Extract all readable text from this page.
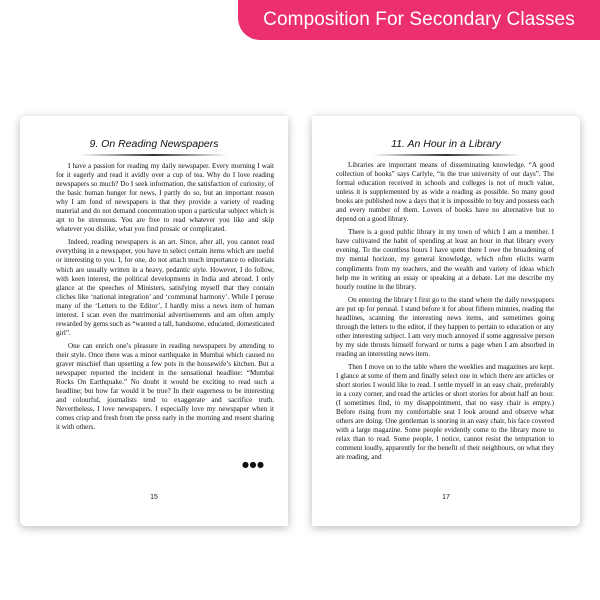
Composition For Secondary Classes
9. On Reading Newspapers

I have a passion for reading my daily newspaper. Every morning I wait for it eagerly and read it avidly over a cup of tea. Why do I love reading newspapers so much? Do I seek information, the satisfaction of curiosity, of the basic human hunger for news, I partly do so, but an important reason why I am fond of newspapers is that they provide a variety of reading material and do not demand concentration upon a particular subject which is apt to be strenuous. You are free to read whatever you like and skip whatever you dislike, what you find prosaic or complicated.

Indeed, reading newspapers is an art. Since, after all, you cannot read everything in a newspaper, you have to select certain items which are useful or interesting to you. I, for one, do not attach much importance to editorials which are usually written in a heavy, pedantic style. However, I do follow, with keen interest, the political developments in India and abroad. I only glance at the speeches of Ministers, satisfying myself that they contain cliches like ‘national integration’ and ‘communal harmony’. While I peruse many of the ‘Letters to the Editor’, I hardly miss a news item of human interest. I scan even the matrimonial advertisements and am often amply rewarded by gems such as “wanted a tall, handsome, educated, domesticated girl”.

One can enrich one’s pleasure in reading newspapers by attending to their style. Once there was a minor earthquake in Mumbai which caused no graver mischief than upsetting a few pots in the housewife’s kitchen. But a newspaper reported the incident in the sensational headline: “Mumbai Rocks On Earthquake.” No doubt it would be exciting to read such a headline; but how far would it be true? In their eagerness to be interesting and colourful, journalists tend to exaggerate and sacrifice truth. Nevertheless, I love newspapers. I especially love my newspaper when it comes crisp and fresh from the press early in the morning and resent sharing it with others.

●●●
15
11. An Hour in a Library

Libraries are important means of disseminating knowledge. “A good collection of books” says Carlyle, “is the true university of our days”. The formal education received in schools and colleges is not of much value, unless it is supplemented by as wide a reading as possible. So many good books are published now a days that it is impossible to buy and possess each and every number of them. Lovers of books have no alternative but to depend on a good library.

There is a good public library in my town of which I am a member. I have cultivated the habit of spending at least an hour in that library every evening. To the countless hours I have spent there I owe the broadening of my mental horizon, my general knowledge, which often elicits warm compliments from my teachers, and the wealth and variety of ideas which help me in writing an essay or speaking at a debate. Let me describe my hourly routine in the library.

On entering the library I first go to the stand where the daily newspapers are put up for perusal. I stand before it for about fifteen minutes, reading the headlines, scanning the interesting news items, and sometimes going through the letters to the editor, if they happen to pertain to education or any other interesting subject. I am very much annoyed if some aggressive person by my side thrusts himself forward or turns a page when I am absorbed in reading an interesting news item.

Then I move on to the table where the weeklies and magazines are kept. I glance at some of them and finally select one in which there are articles or short stories I would like to read. I settle myself in an easy chair, preferably in a cozy corner, and read the articles or short stories for about half an hour. (I sometimes find, to my disappointment, that no easy chair is empty.) Before rising from my comfortable seat I look around and observe what others are doing. One gentleman is snoring in an easy chair, his face covered with a large magazine. Some people evidently come to the library more to relax than to read. Some people, I notice, cannot resist the temptation to comment loudly, apparently for the benefit of their neighbours, on what they are reading, and

17
